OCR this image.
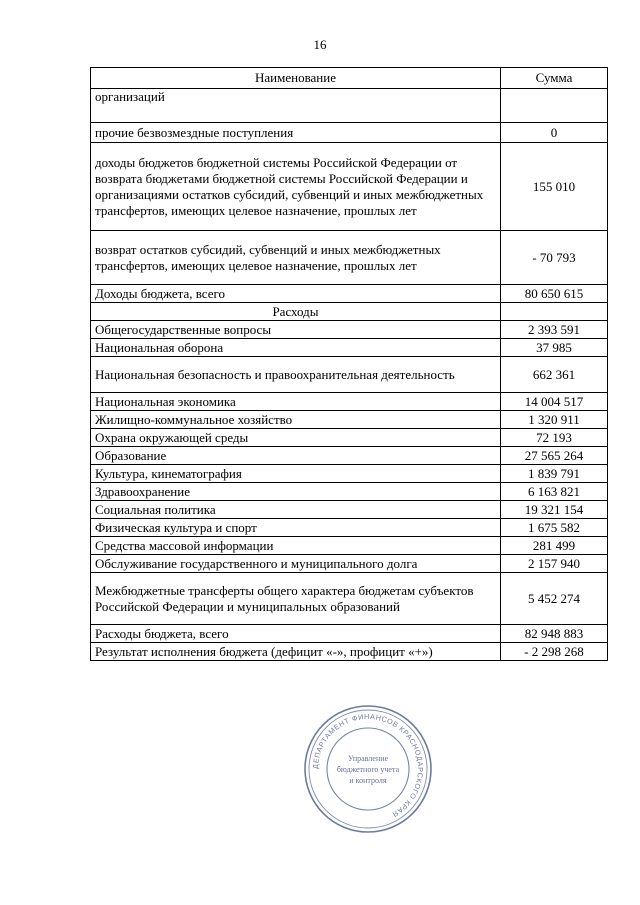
16
Наименование	Сумма
организаций	
прочие безвозмездные поступления	0
доходы бюджетов бюджетной системы Российской Федерации от возврата бюджетами бюджетной системы Российской Федерации и организациями остатков субсидий, субвенций и иных межбюджетных трансфертов, имеющих целевое назначение, прошлых лет	155 010
возврат остатков субсидий, субвенций и иных межбюджетных трансфертов, имеющих целевое назначение, прошлых лет	- 70 793
Доходы бюджета, всего	80 650 615
Расходы	
Общегосударственные вопросы	2 393 591
Национальная оборона	37 985
Национальная безопасность и правоохранительная деятельность	662 361
Национальная экономика	14 004 517
Жилищно-коммунальное хозяйство	1 320 911
Охрана окружающей среды	72 193
Образование	27 565 264
Культура, кинематография	1 839 791
Здравоохранение	6 163 821
Социальная политика	19 321 154
Физическая культура и спорт	1 675 582
Средства массовой информации	281 499
Обслуживание государственного и муниципального долга	2 157 940
Межбюджетные трансферты общего характера бюджетам субъектов Российской Федерации и муниципальных образований	5 452 274
Расходы бюджета, всего	82 948 883
Результат исполнения бюджета (дефицит «-», профицит «+»)	- 2 298 268
ДЕПАРТАМЕНТ ФИНАНСОВ КРАСНОДАРСКОГО КРАЯ
Управление
бюджетного учета
и контроля
